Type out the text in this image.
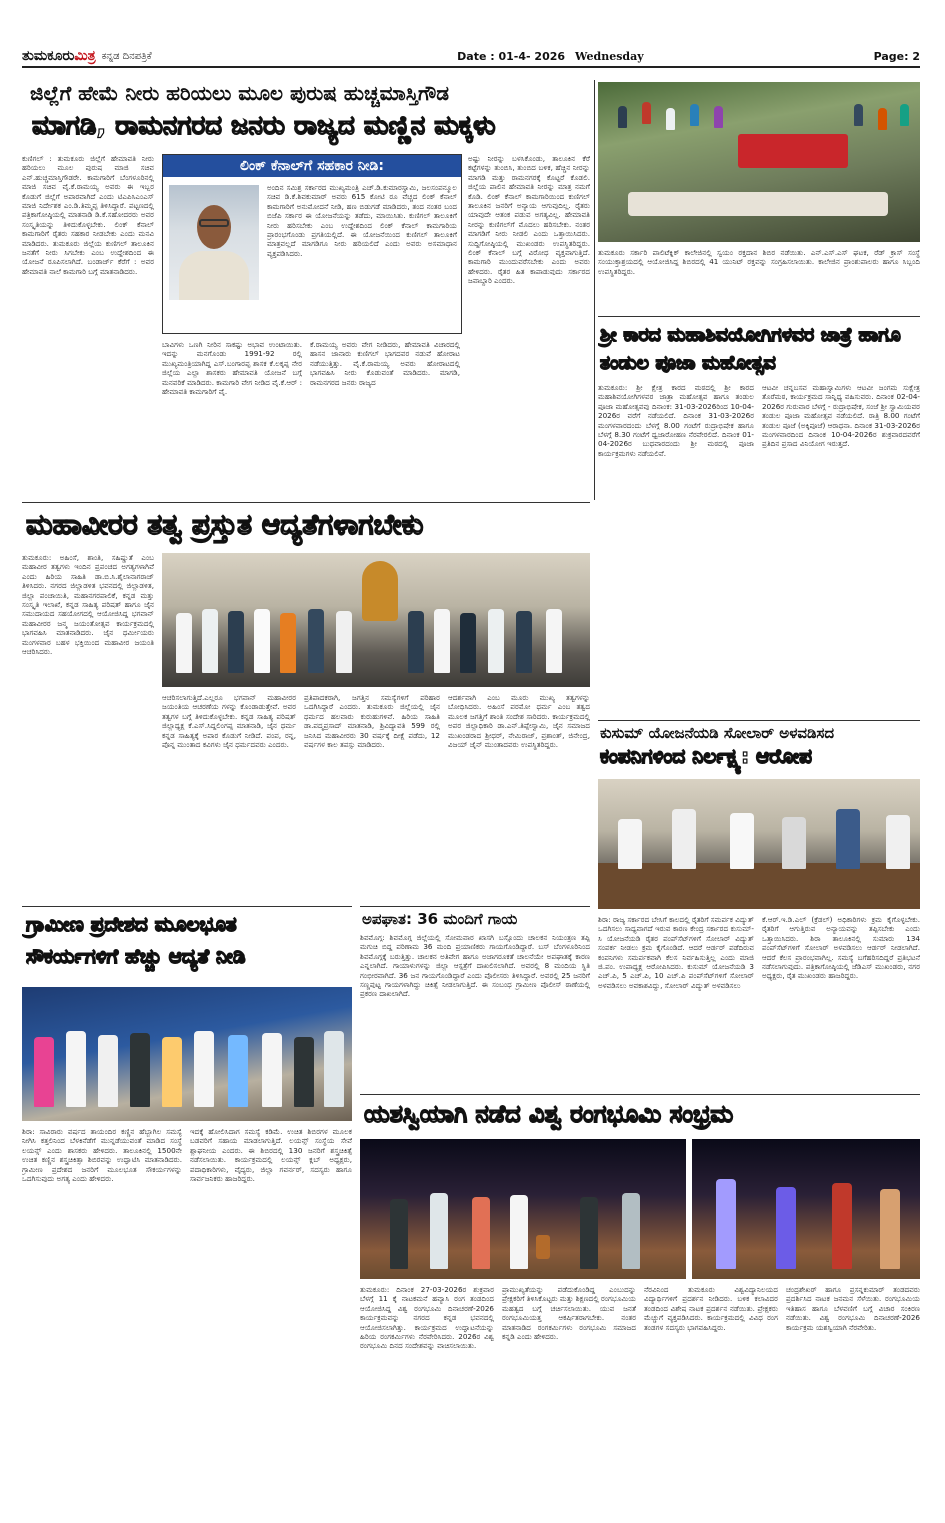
ತುಮಕೂರುಮಿತ್ರ ಕನ್ನಡ ದಿನಪತ್ರಿಕೆ	Date : 01-4- 2026 Wednesday	Page: 2
ಜಿಲ್ಲೆಗೆ ಹೇಮೆ ನೀರು ಹರಿಯಲು ಮೂಲ ಪುರುಷ ಹುಚ್ಚಮಾಸ್ತಿಗೌಡ
ಮಾಗಡಿ, ರಾಮನಗರದ ಜನರು ರಾಜ್ಯದ ಮಣ್ಣಿನ ಮಕ್ಕಳು
ಕುಣಿಗಲ್ : ತುಮಕೂರು ಜಿಲ್ಲೆಗೆ ಹೇಮಾವತಿ ನೀರು ಹರಿಯಲು ಮೂಲ ಪುರುಷ ಮಾಜಿ ಸಚಿವ ಎನ್.ಹುಚ್ಚಮಾಸ್ತಿಗೌಡರೇ. ಕಾಮಗಾರಿಗೆ ಬೆಂಗಳೂರಿನಲ್ಲಿ ಮಾಜಿ ಸಚಿವ ವೈ.ಕೆ.ರಾಮಯ್ಯ ಅವರು ಈ ಇಬ್ಬರ ಕೊಡುಗೆ ಜಿಲ್ಲೆಗೆ ಅಪಾರವಾಗಿದೆ ಎಂದು ಟಿಎಪಿಸಿಎಂಎಸ್ ಮಾಜಿ ನಿರ್ದೇಶಕ ಎಂ.ಡಿ.ತಿಮ್ಮಪ್ಪ ತಿಳಿಸಿದ್ದಾರೆ. ಪಟ್ಟಣದಲ್ಲಿ ಪತ್ರಿಕಾಗೋಷ್ಠಿಯಲ್ಲಿ ಮಾತನಾಡಿ ಡಿ.ಕೆ.ಸಹೋದರರು ಅವರ ಸಂಸ್ಕೃತಿಯನ್ನು ತಿಳಿದುಕೊಳ್ಳಬೇಕು. ಲಿಂಕ್ ಕೆನಾಲ್ ಕಾಮಗಾರಿಗೆ ರೈತರು ಸಹಕಾರ ನೀಡಬೇಕು ಎಂದು ಮನವಿ ಮಾಡಿದರು. ತುಮಕೂರು ಜಿಲ್ಲೆಯ ಕುಣಿಗಲ್ ತಾಲೂಕಿನ ಜನತೆಗೆ ನೀರು ಸಿಗಬೇಕು ಎಂಬ ಉದ್ದೇಶದಿಂದ ಈ ಯೋಜನೆ ರೂಪಿಸಲಾಗಿದೆ. ಬಂಡಾರ್ಜ್ ಕೆರೆಗೆ : ಅವರ ಹೇಮಾವತಿ ನಾಲೆ ಕಾಮಗಾರಿ ಬಗ್ಗೆ ಮಾತನಾಡಿದರು.
ಲಿಂಕ್ ಕೆನಾಲ್‌ಗೆ ಸಹಕಾರ ನೀಡಿ:
ಅಂದಿನ ಸಮಿಶ್ರ ಸರ್ಕಾರದ ಮುಖ್ಯಮಂತ್ರಿ ಎಚ್.ಡಿ.ಕುಮಾರಸ್ವಾಮಿ, ಜಲಸಂಪನ್ಮೂಲ ಸಚಿವ ಡಿ.ಕೆ.ಶಿವಕುಮಾರ್ ಅವರು 615 ಕೋಟಿ ರೂ ವೆಚ್ಚದ ಲಿಂಕ್ ಕೆನಾಲ್ ಕಾಮಗಾರಿಗೆ ಅನುಮೋದನೆ ನೀಡಿ, ಹಣ ಬಿಡುಗಡೆ ಮಾಡಿದರು, ತಂದ ನಂತರ ಬಂದ ಬಿಜೆಪಿ ಸರ್ಕಾರ ಈ ಯೋಜನೆಯನ್ನು ತಡೆದು, ಮಾಯಿಸಿತು. ಕುಣಿಗಲ್ ತಾಲೂಕಿಗೆ ನೀರು ಹರಿಸಬೇಕು ಎಂಬ ಉದ್ದೇಶದಿಂದ ಲಿಂಕ್ ಕೆನಾಲ್ ಕಾಮಗಾರಿಯ ಪ್ರಾರಂಭಗೊಂಡು ಪ್ರಗತಿಯಲ್ಲಿದೆ. ಈ ಯೋಜನೆಯಿಂದ ಕುಣಿಗಲ್ ತಾಲೂಕಿಗೆ ಮಾತ್ರವಲ್ಲದೆ ಮಾಗಡಿಗೂ ನೀರು ಹರಿಯಲಿದೆ ಎಂದು ಅವರು ಅಸಮಾಧಾನ ವ್ಯಕ್ತಪಡಿಸಿದರು.
ಬಾವಿಗಳು ಒಣಗಿ ನೀರಿನ ಸಾಕಷ್ಟು ಅಭಾವ ಉಂಟಾಯಿತು. ಇದನ್ನು ಮನಗೊಂಡು 1991-92 ರಲ್ಲಿ ಮುಖ್ಯಮಂತ್ರಿಯಾಗಿದ್ದ ಎಸ್.ಬಂಗಾರಪ್ಪ ಶಾಸಕ ಕೆ.ಲಕ್ಕಪ್ಪ ನೇರ ಜಿಲ್ಲೆಯ ಎಲ್ಲಾ ಶಾಸಕರು ಹೇಮಾವತಿ ಯೋಜನೆ ಬಗ್ಗೆ ಮನವರಿಕೆ ಮಾಡಿದರು. ಕಾಮಗಾರಿ ವೇಗ ನೀಡಿದ ವೈ.ಕೆ.ಆರ್ : ಹೇಮಾವತಿ ಕಾಮಗಾರಿಗೆ ವೈ.
ಕೆ.ರಾಮಯ್ಯ ಅವರು ವೇಗ ನೀಡಿದರು, ಹೇಮಾವತಿ ವಿಚಾರದಲ್ಲಿ ಹಾಸನ ಜಾನಾರು ಕುಣಿಗಲ್ ಭಾಗದವರ ನಡುವೆ ಹೋರಾಟ ನಡೆಯುತ್ತಿತ್ತು. ವೈ.ಕೆ.ರಾಮಯ್ಯ ಅವರು ಹೋರಾಟದಲ್ಲಿ ಭಾಗವಹಿಸಿ ನೀರು ಕೊಡುವಂತೆ ಮಾಡಿದರು. ಮಾಗಡಿ, ರಾಮನಗರದ ಜನರು ರಾಜ್ಯದ
ಅಷ್ಟು ನೀರನ್ನು ಬಳಸಿಕೊಂಡು, ತಾಲೂಕಿನ ಕೆರೆ ಕಟ್ಟೆಗಳನ್ನು ತುಂಬಿಸಿ, ತುಂಬಿದ ಬಳಿಕ, ಹೆಚ್ಚಿನ ನೀರನ್ನು ಮಾಗಡಿ ಮತ್ತು ರಾಮನಗರಕ್ಕೆ ಕೊಟ್ಟರೆ ಕೊಡಲಿ. ಜಿಲ್ಲೆಯ ಪಾಲಿನ ಹೇಮಾವತಿ ನೀರನ್ನು ಮಾತ್ರ ನಮಗೆ ಕೊಡಿ. ಲಿಂಕ್ ಕೆನಾಲ್ ಕಾಮಗಾರಿಯಿಂದ ಕುಣಿಗಲ್ ತಾಲೂಕಿನ ಜನರಿಗೆ ಅನ್ಯಾಯ ಆಗುವುದಿಲ್ಲ. ರೈತರು ಯಾವುದೇ ಆತಂಕ ಪಡುವ ಅಗತ್ಯವಿಲ್ಲ. ಹೇಮಾವತಿ ನೀರನ್ನು ಕುಣಿಗಲ್‌ಗೆ ಮೊದಲು ಹರಿಸಬೇಕು. ನಂತರ ಮಾಗಡಿಗೆ ನೀರು ನೀಡಲಿ ಎಂದು ಒತ್ತಾಯಿಸಿದರು. ಸುದ್ದಿಗೋಷ್ಠಿಯಲ್ಲಿ ಮುಖಂಡರು ಉಪಸ್ಥಿತರಿದ್ದರು. ಲಿಂಕ್ ಕೆನಾಲ್ ಬಗ್ಗೆ ವಿರೋಧ ವ್ಯಕ್ತವಾಗುತ್ತಿದೆ. ಕಾಮಗಾರಿ ಮುಂದುವರೆಸಬೇಕು ಎಂದು ಅವರು ಹೇಳಿದರು. ರೈತರ ಹಿತ ಕಾಪಾಡುವುದು ಸರ್ಕಾರದ ಜವಾಬ್ದಾರಿ ಎಂದರು.
ತುಮಕೂರು ಸರ್ಕಾರಿ ಪಾಲಿಟೆಕ್ನಿಕ್ ಕಾಲೇಜಿನಲ್ಲಿ ಸ್ವಯಂ ರಕ್ತದಾನ ಶಿಬಿರ ನಡೆಯಿತು. ಎನ್.ಎಸ್.ಎಸ್ ಘಟಕ, ರೆಡ್ ಕ್ರಾಸ್ ಸಂಸ್ಥೆ ಸಂಯುಕ್ತಾಶ್ರಯದಲ್ಲಿ ಆಯೋಜಿಸಿದ್ದ ಶಿಬಿರದಲ್ಲಿ 41 ಯುನಿಟ್ ರಕ್ತವನ್ನು ಸಂಗ್ರಹಿಸಲಾಯಿತು. ಕಾಲೇಜಿನ ಪ್ರಾಂಶುಪಾಲರು ಹಾಗೂ ಸಿಬ್ಬಂದಿ ಉಪಸ್ಥಿತರಿದ್ದರು.
ಶ್ರೀ ಕಾರದ ಮಹಾಶಿವಯೋಗಿಗಳವರ ಜಾತ್ರೆ ಹಾಗೂ ತಂಡುಲ ಪೂಜಾ ಮಹೋತ್ಸವ
ತುಮಕೂರು: ಶ್ರೀ ಕ್ಷೇತ್ರ ಕಾರದ ಮಠದಲ್ಲಿ ಶ್ರೀ ಕಾರದ ಮಹಾಶಿವಯೋಗಿಗಳವರ ಜಾತ್ರಾ ಮಹೋತ್ಸವ ಹಾಗೂ ತಂಡುಲ ಪೂಜಾ ಮಹೋತ್ಸವವು ದಿನಾಂಕ: 31-03-2026ರಿಂದ 10-04-2026ರ ವರೆಗೆ ನಡೆಯಲಿದೆ. ದಿನಾಂಕ 31-03-2026ರ ಮಂಗಳವಾರದಂದು ಬೆಳಗ್ಗೆ 8.00 ಗಂಟೆಗೆ ರುದ್ರಾಭಿಷೇಕ ಹಾಗೂ ಬೆಳಗ್ಗೆ 8.30 ಗಂಟೆಗೆ ಧ್ವಜಾರೋಹಣ ನೆರವೇರಲಿದೆ. ದಿನಾಂಕ 01-04-2026ರ ಬುಧವಾರದಂದು ಶ್ರೀ ಮಠದಲ್ಲಿ ಪೂಜಾ ಕಾರ್ಯಕ್ರಮಗಳು ನಡೆಯಲಿವೆ.
ಆಟವೀ ಚನ್ನಬಸವ ಮಹಾಸ್ವಾಮಿಗಳು ಆಟವೀ ಜಂಗಮ ಸುಕ್ಷೇತ್ರ ತೊರೆಮಠ, ಕಾರ್ಯಕ್ರಮದ ಸಾನ್ನಿಧ್ಯ ವಹಿಸುವರು. ದಿನಾಂಕ 02-04-2026ರ ಗುರುವಾರ ಬೆಳಗ್ಗೆ - ರುದ್ರಾಭಿಷೇಕ, ಸಂಜೆ ಶ್ರೀ ಸ್ವಾಮಿಯವರ ತಂಡುಲ ಪೂಜಾ ಮಹೋತ್ಸವ ನಡೆಯಲಿದೆ. ರಾತ್ರಿ 8.00 ಗಂಟೆಗೆ ತಂಡುಲ ಪೂಜೆ (ಅಕ್ಕಿಪೂಜೆ) ಆರಾಧನಾ. ದಿನಾಂಕ 31-03-2026ರ ಮಂಗಳವಾರದಿಂದ ದಿನಾಂಕ 10-04-2026ರ ಶುಕ್ರವಾರದವರೆಗೆ ಪ್ರತಿದಿನ ಪ್ರಸಾದ ವಿನಿಯೋಗ ಇರುತ್ತದೆ.
ಮಹಾವೀರರ ತತ್ವ ಪ್ರಸ್ತುತ ಆದ್ಯತೆಗಳಾಗಬೇಕು
ತುಮಕೂರು: ಅಹಿಂಸೆ, ಶಾಂತಿ, ಸಹಿಷ್ಣುತೆ ಎಂಬ ಮಹಾವೀರ ತತ್ವಗಳು ಇಂದಿನ ಪ್ರಪಂಚದ ಅಗತ್ಯಗಳಾಗಿವೆ ಎಂದು ಹಿರಿಯ ಸಾಹಿತಿ ಡಾ.ಬಿ.ಸಿ.ಶೈಲಾನಾಗರಾಜ್ ತಿಳಿಸಿದರು. ನಗರದ ಜಿಲ್ಲಾಡಳಿತ ಭವನದಲ್ಲಿ ಜಿಲ್ಲಾಡಳಿತ, ಜಿಲ್ಲಾ ಪಂಚಾಯಿತಿ, ಮಹಾನಗರಪಾಲಿಕೆ, ಕನ್ನಡ ಮತ್ತು ಸಂಸ್ಕೃತಿ ಇಲಾಖೆ, ಕನ್ನಡ ಸಾಹಿತ್ಯ ಪರಿಷತ್ ಹಾಗೂ ಜೈನ ಸಮುದಾಯದ ಸಹಯೋಗದಲ್ಲಿ ಆಯೋಜಿಸಿದ್ದ ಭಗವಾನ್ ಮಹಾವೀರರ ಜನ್ಮ ಜಯಂತೋತ್ಸವ ಕಾರ್ಯಕ್ರಮದಲ್ಲಿ ಭಾಗವಹಿಸಿ ಮಾತನಾಡಿದರು. ಜೈನ ಧರ್ಮೀಯರು ಮಂಗಳವಾರ ಬಹಳ ಭಕ್ತಿಯಿಂದ ಮಹಾವೀರ ಜಯಂತಿ ಆಚರಿಸಿದರು.
ಆಚರಿಸಲಾಗುತ್ತಿದೆ.ಎಲ್ಲರೂ ಭಗವಾನ್ ಮಹಾವೀರರ ಜಯಂತಿಯ ಆಚರಣೆಯ ಗಳನ್ನು ಕೊಂಡಾಡುತ್ತೇವೆ. ಅವರ ತತ್ವಗಳ ಬಗ್ಗೆ ತಿಳಿದುಕೊಳ್ಳಬೇಕು. ಕನ್ನಡ ಸಾಹಿತ್ಯ ಪರಿಷತ್ ಜಿಲ್ಲಾಧ್ಯಕ್ಷ ಕೆ.ಎಸ್.ಸಿದ್ದಲಿಂಗಪ್ಪ ಮಾತನಾಡಿ, ಜೈನ ಧರ್ಮ ಕನ್ನಡ ಸಾಹಿತ್ಯಕ್ಕೆ ಅಪಾರ ಕೊಡುಗೆ ನೀಡಿದೆ. ಪಂಪ, ರನ್ನ, ಪೊನ್ನ ಮುಂತಾದ ಕವಿಗಳು ಜೈನ ಧರ್ಮದವರು ಎಂದರು.
ಪ್ರತಿಪಾದಕರಾಗಿ, ಜಗತ್ತಿನ ಸಮಸ್ಯೆಗಳಿಗೆ ಪರಿಹಾರ ಒದಗಿಸಿದ್ದಾರೆ ಎಂದರು. ತುಮಕೂರು ಜಿಲ್ಲೆಯಲ್ಲಿ ಜೈನ ಧರ್ಮದ ಹಲವಾರು ಕುರುಹುಗಳಿವೆ. ಹಿರಿಯ ಸಾಹಿತಿ ಡಾ.ಪದ್ಮಪ್ರಸಾದ್ ಮಾತನಾಡಿ, ಶ್ರಿವಿದ್ಯಾವತಿ 599 ರಲ್ಲಿ ಜನಿಸಿದ ಮಹಾವೀರರು 30 ವರ್ಷಕ್ಕೆ ದೀಕ್ಷೆ ಪಡೆದು, 12 ವರ್ಷಗಳ ಕಾಲ ತಪಸ್ಸು ಮಾಡಿದರು.
ಆದರ್ಶವಾಗಿ ಎಂಬ ಮೂರು ಮುಖ್ಯ ತತ್ವಗಳನ್ನು ಬೋಧಿಸಿದರು. ಅಹಿಂಸೆ ಪರಮೋ ಧರ್ಮ ಎಂಬ ತತ್ವದ ಮೂಲಕ ಜಗತ್ತಿಗೆ ಶಾಂತಿ ಸಂದೇಶ ಸಾರಿದರು. ಕಾರ್ಯಕ್ರಮದಲ್ಲಿ ಅಪರ ಜಿಲ್ಲಾಧಿಕಾರಿ ಡಾ.ಎನ್.ತಿಪ್ಪೇಸ್ವಾಮಿ, ಜೈನ ಸಮಾಜದ ಮುಖಂಡರಾದ ಶ್ರೀಧರ್, ನೇಮಿರಾಜ್, ಪ್ರಶಾಂತ್, ಜಿನೇಂದ್ರ, ವಿಜಯ್ ಜೈನ್ ಮುಂತಾದವರು ಉಪಸ್ಥಿತರಿದ್ದರು.
ಕುಸುಮ್ ಯೋಜನೆಯಡಿ ಸೋಲಾರ್ ಅಳವಡಿಸದ
ಕಂಪನಿಗಳಿಂದ ನಿರ್ಲಕ್ಷ್ಯ: ಆರೋಪ
ಶಿರಾ: ರಾಜ್ಯ ಸರ್ಕಾರದ ಬೇಸಿಗೆ ಕಾಲದಲ್ಲಿ ರೈತರಿಗೆ ಸಮರ್ಪಕ ವಿದ್ಯುತ್ ಒದಗಿಸಲು ಸಾಧ್ಯವಾಗದೆ ಇರುವ ಕಾರಣ ಕೇಂದ್ರ ಸರ್ಕಾರದ ಕುಸುಮ್-ಸಿ ಯೋಜನೆಯಡಿ ರೈತರ ಪಂಪ್‌ಸೆಟ್‌ಗಳಿಗೆ ಸೋಲಾರ್ ವಿದ್ಯುತ್ ಸಂಪರ್ಕ ನೀಡಲು ಕ್ರಮ ಕೈಗೊಂಡಿದೆ. ಆದರೆ ಆರ್ಡರ್ ಪಡೆದಿರುವ ಕಂಪನಿಗಳು ಸಮರ್ಪಕವಾಗಿ ಕೆಲಸ ನಿರ್ವಹಿಸುತ್ತಿಲ್ಲ ಎಂದು ಮಾಜಿ ಜಿ.ಪಂ. ಉಪಾಧ್ಯಕ್ಷ ಆರೋಪಿಸಿದರು. ಕುಸುಮ್ ಯೋಜನೆಯಡಿ 3 ಎಚ್.ಪಿ, 5 ಎಚ್.ಪಿ, 10 ಎಚ್.ಪಿ ಪಂಪ್‌ಸೆಟ್‌ಗಳಿಗೆ ಸೋಲಾರ್ ಅಳವಡಿಸಲು ಅವಕಾಶವಿದ್ದು, ಸೋಲಾರ್ ವಿದ್ಯುತ್ ಅಳವಡಿಸಲು
ಕೆ.ಆರ್.ಇ.ಡಿ.ಎಲ್ (ಕ್ರೆಡಲ್) ಅಧಿಕಾರಿಗಳು ಕ್ರಮ ಕೈಗೊಳ್ಳಬೇಕು. ರೈತರಿಗೆ ಆಗುತ್ತಿರುವ ಅನ್ಯಾಯವನ್ನು ತಪ್ಪಿಸಬೇಕು ಎಂದು ಒತ್ತಾಯಿಸಿದರು. ಶಿರಾ ತಾಲೂಕಿನಲ್ಲಿ ಸುಮಾರು 134 ಪಂಪ್‌ಸೆಟ್‌ಗಳಿಗೆ ಸೋಲಾರ್ ಅಳವಡಿಸಲು ಆರ್ಡರ್ ನೀಡಲಾಗಿದೆ. ಆದರೆ ಕೆಲಸ ಪ್ರಾರಂಭವಾಗಿಲ್ಲ. ಸಮಸ್ಯೆ ಬಗೆಹರಿಸದಿದ್ದರೆ ಪ್ರತಿಭಟನೆ ನಡೆಸಲಾಗುವುದು. ಪತ್ರಿಕಾಗೋಷ್ಠಿಯಲ್ಲಿ ಜೆಡಿಎಸ್ ಮುಖಂಡರು, ನಗರ ಅಧ್ಯಕ್ಷರು, ರೈತ ಮುಖಂಡರು ಹಾಜರಿದ್ದರು.
ಗ್ರಾಮೀಣ ಪ್ರದೇಶದ ಮೂಲಭೂತ
ಸೌಕರ್ಯಗಳಿಗೆ ಹೆಚ್ಚು ಆದ್ಯತೆ ನೀಡಿ
ಶಿರಾ: ಸಾವಿರಾರು ವರ್ಷದ ತಾಯಂದಿರ ಕಣ್ಣಿನ ಹೆಬ್ಬಾಗಿಲ ಸಮಸ್ಯೆ ನೀಗಿಸಿ ಕತ್ತಲಿನಿಂದ ಬೆಳಕಿನೆಡೆಗೆ ಮುನ್ನಡೆಯುವಂತೆ ಮಾಡಿದ ಸಂಸ್ಥೆ ಲಯನ್ಸ್ ಎಂದು ಶಾಸಕರು ಹೇಳಿದರು. ತಾಲೂಕಿನಲ್ಲಿ 1500ನೇ ಉಚಿತ ಕಣ್ಣಿನ ಶಸ್ತ್ರಚಿಕಿತ್ಸಾ ಶಿಬಿರವನ್ನು ಉದ್ಘಾಟಿಸಿ ಮಾತನಾಡಿದರು. ಗ್ರಾಮೀಣ ಪ್ರದೇಶದ ಜನರಿಗೆ ಮೂಲಭೂತ ಸೌಕರ್ಯಗಳನ್ನು ಒದಗಿಸುವುದು ಅಗತ್ಯ ಎಂದು ಹೇಳಿದರು.
ಇದಕ್ಕೆ ಹೋಲಿಸಿದಾಗ ಸಮಸ್ಯೆ ಕಡಿಮೆ. ಉಚಿತ ಶಿಬಿರಗಳ ಮೂಲಕ ಬಡವರಿಗೆ ಸಹಾಯ ಮಾಡಲಾಗುತ್ತಿದೆ. ಲಯನ್ಸ್ ಸಂಸ್ಥೆಯ ಸೇವೆ ಶ್ಲಾಘನೀಯ ಎಂದರು. ಈ ಶಿಬಿರದಲ್ಲಿ 130 ಜನರಿಗೆ ಶಸ್ತ್ರಚಿಕಿತ್ಸೆ ನಡೆಸಲಾಯಿತು. ಕಾರ್ಯಕ್ರಮದಲ್ಲಿ ಲಯನ್ಸ್ ಕ್ಲಬ್ ಅಧ್ಯಕ್ಷರು, ಪದಾಧಿಕಾರಿಗಳು, ವೈದ್ಯರು, ಜಿಲ್ಲಾ ಗವರ್ನರ್, ಸದಸ್ಯರು ಹಾಗೂ ಸಾರ್ವಜನಿಕರು ಹಾಜರಿದ್ದರು.
ಅಪಘಾತ: 36 ಮಂದಿಗೆ ಗಾಯ
ಶಿವಮೊಗ್ಗ: ಶಿವಮೊಗ್ಗ ಜಿಲ್ಲೆಯಲ್ಲಿ ಸೋಮವಾರ ಖಾಸಗಿ ಬಸ್ಸೊಂದು ಚಾಲಕನ ನಿಯಂತ್ರಣ ತಪ್ಪಿ ಮಗುಚಿ ಬಿದ್ದ ಪರಿಣಾಮ 36 ಮಂದಿ ಪ್ರಯಾಣಿಕರು ಗಾಯಗೊಂಡಿದ್ದಾರೆ. ಬಸ್ ಬೆಂಗಳೂರಿನಿಂದ ಶಿವಮೊಗ್ಗಕ್ಕೆ ಬರುತ್ತಿತ್ತು. ಚಾಲಕನ ಅತಿವೇಗ ಹಾಗೂ ಅಜಾಗರೂಕತೆ ಚಾಲನೆಯೇ ಅಪಘಾತಕ್ಕೆ ಕಾರಣ ಎನ್ನಲಾಗಿದೆ. ಗಾಯಾಳುಗಳನ್ನು ಜಿಲ್ಲಾ ಆಸ್ಪತ್ರೆಗೆ ದಾಖಲಿಸಲಾಗಿದೆ. ಅವರಲ್ಲಿ 8 ಮಂದಿಯ ಸ್ಥಿತಿ ಗಂಭೀರವಾಗಿದೆ. 36 ಜನ ಗಾಯಗೊಂಡಿದ್ದಾರೆ ಎಂದು ಪೊಲೀಸರು ತಿಳಿಸಿದ್ದಾರೆ. ಅವರಲ್ಲಿ 25 ಜನರಿಗೆ ಸಣ್ಣಪುಟ್ಟ ಗಾಯಗಳಾಗಿದ್ದು ಚಿಕಿತ್ಸೆ ನೀಡಲಾಗುತ್ತಿದೆ. ಈ ಸಂಬಂಧ ಗ್ರಾಮೀಣ ಪೊಲೀಸ್ ಠಾಣೆಯಲ್ಲಿ ಪ್ರಕರಣ ದಾಖಲಾಗಿದೆ.
ಯಶಸ್ವಿಯಾಗಿ ನಡೆದ ವಿಶ್ವ ರಂಗಭೂಮಿ ಸಂಭ್ರಮ
ತುಮಕೂರು: ದಿನಾಂಕ 27-03-2026ರ ಶುಕ್ರವಾರ ಬೆಳಗ್ಗೆ 11 ಕ್ಕೆ ನಾಟಕಮನೆ ಹವ್ಯಾಸಿ ರಂಗ ತಂಡದಿಂದ ಆಯೋಜಿಸಿದ್ದ ವಿಶ್ವ ರಂಗಭೂಮಿ ದಿನಾಚರಣೆ-2026 ಕಾರ್ಯಕ್ರಮವನ್ನು ನಗರದ ಕನ್ನಡ ಭವನದಲ್ಲಿ ಆಯೋಜಿಸಲಾಗಿತ್ತು. ಕಾರ್ಯಕ್ರಮದ ಉದ್ಘಾಟನೆಯನ್ನು ಹಿರಿಯ ರಂಗಕರ್ಮಿಗಳು ನೆರವೇರಿಸಿದರು. 2026ರ ವಿಶ್ವ ರಂಗಭೂಮಿ ದಿನದ ಸಂದೇಶವನ್ನು ವಾಚಿಸಲಾಯಿತು.
ಪ್ರಾಮುಖ್ಯತೆಯನ್ನು ಪಡೆದುಕೊಂಡಿದ್ದ ಎಂಬುದನ್ನು ಪ್ರೇಕ್ಷಕರಿಗೆ ತಿಳಿಸಿಕೊಟ್ಟರು ಮತ್ತು ಶಿಕ್ಷಣದಲ್ಲಿ ರಂಗಭೂಮಿಯ ಮಹತ್ವದ ಬಗ್ಗೆ ಚರ್ಚಿಸಲಾಯಿತು. ಯುವ ಜನತೆ ರಂಗಭೂಮಿಯತ್ತ ಆಕರ್ಷಿತರಾಗಬೇಕು. ನಂತರ ಮಾತನಾಡಿದ ರಂಗಕರ್ಮಿಗಳು ರಂಗಭೂಮಿ ಸಮಾಜದ ಕನ್ನಡಿ ಎಂದು ಹೇಳಿದರು.
ನೆರವಿನಿಂದ ತುಮಕೂರು ವಿಶ್ವವಿದ್ಯಾನಿಲಯದ ವಿದ್ಯಾರ್ಥಿಗಳಿಗೆ ಪ್ರದರ್ಶನ ನೀಡಿದರು. ಬಳಿಕ ಕಲಾವಿದರ ತಂಡದಿಂದ ವಿಶೇಷ ನಾಟಕ ಪ್ರದರ್ಶನ ನಡೆಯಿತು. ಪ್ರೇಕ್ಷಕರು ಮೆಚ್ಚುಗೆ ವ್ಯಕ್ತಪಡಿಸಿದರು. ಕಾರ್ಯಕ್ರಮದಲ್ಲಿ ವಿವಿಧ ರಂಗ ತಂಡಗಳ ಸದಸ್ಯರು ಭಾಗವಹಿಸಿದ್ದರು.
ಚಂದ್ರಶೇಖರ್ ಹಾಗೂ ಪ್ರಸನ್ನಕುಮಾರ್ ತಂಡದವರು ಪ್ರದರ್ಶಿಸಿದ ನಾಟಕ ಜನಮನ ಸೆಳೆಯಿತು. ರಂಗಭೂಮಿಯ ಇತಿಹಾಸ ಹಾಗೂ ಬೆಳವಣಿಗೆ ಬಗ್ಗೆ ವಿಚಾರ ಸಂಕಿರಣ ನಡೆಯಿತು. ವಿಶ್ವ ರಂಗಭೂಮಿ ದಿನಾಚರಣೆ-2026 ಕಾರ್ಯಕ್ರಮ ಯಶಸ್ವಿಯಾಗಿ ನೆರವೇರಿತು.
